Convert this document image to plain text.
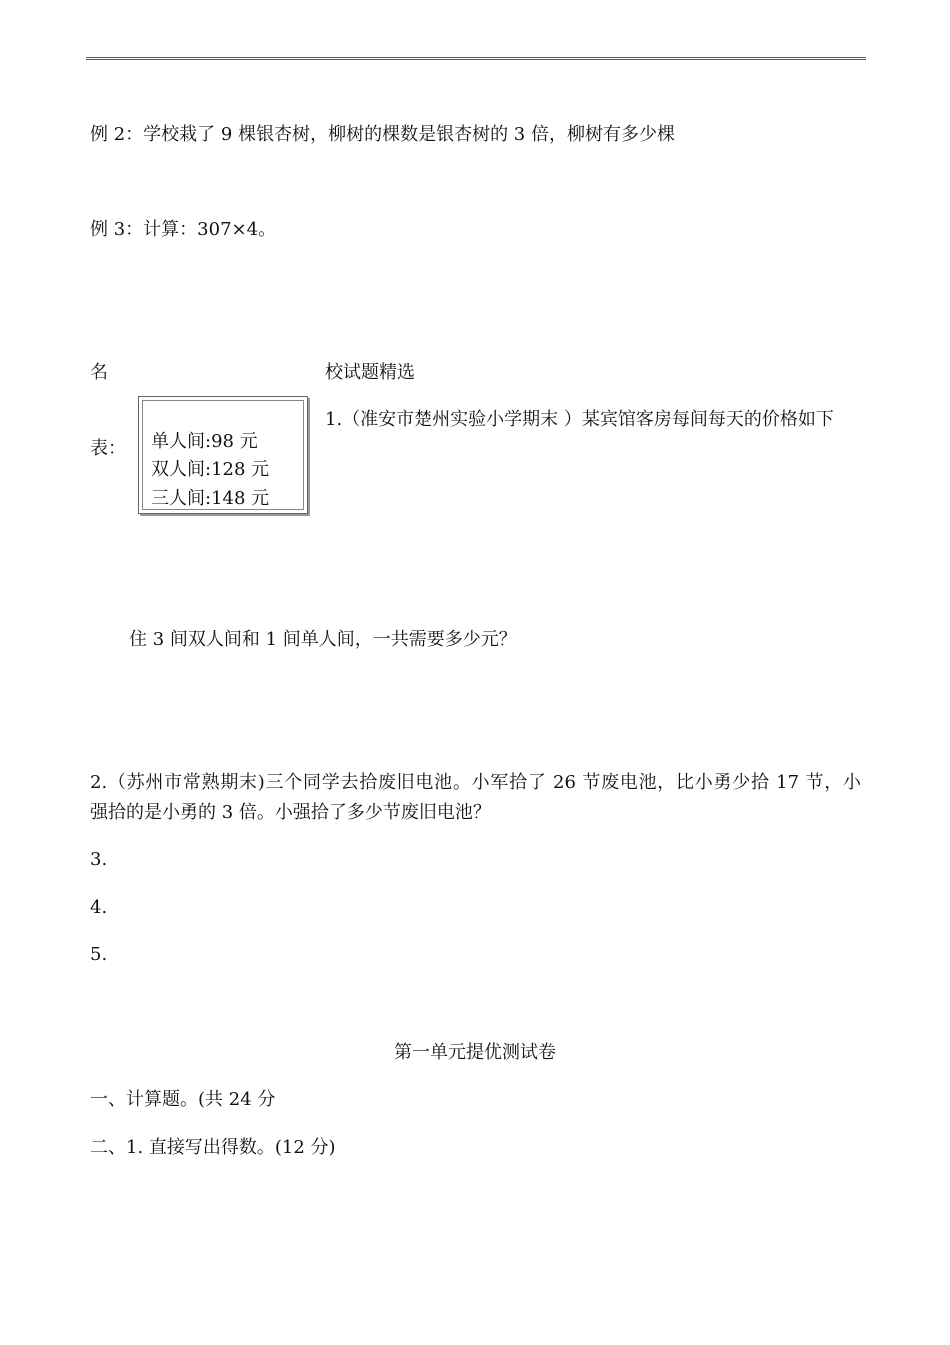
例 2：学校栽了 9 棵银杏树，柳树的棵数是银杏树的 3 倍，柳树有多少棵
例 3：计算：307×4。
名	校试题精选
表： 单人间:98 元
双人间:128 元
三人间:148 元
1.（准安市楚州实验小学期末 ）某宾馆客房每间每天的价格如下
住 3 间双人间和 1 间单人间，一共需要多少元？
2.（苏州市常熟期末)三个同学去拾废旧电池。小军拾了 26 节废电池，比小勇少拾 17 节，小
强拾的是小勇的 3 倍。小强拾了多少节废旧电池？
3.
4.
5.
第一单元提优测试卷
一、计算题。(共 24 分
二、1. 直接写出得数。(12 分)
